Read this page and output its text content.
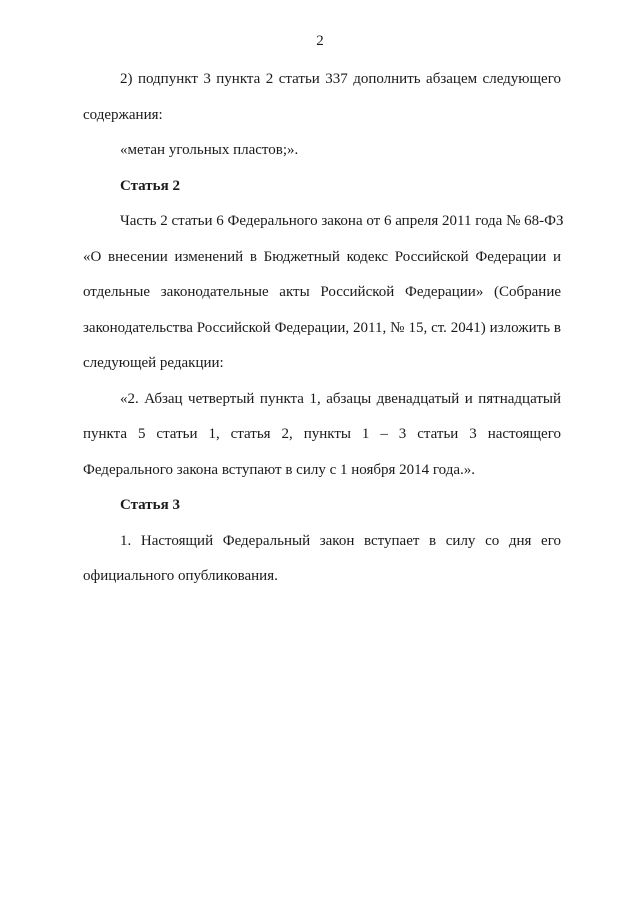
2
2) подпункт 3 пункта 2 статьи 337 дополнить абзацем следующего
содержания:
«метан угольных пластов;».
Статья 2
Часть 2 статьи 6 Федерального закона от 6 апреля 2011 года № 68-ФЗ
«О внесении изменений в Бюджетный кодекс Российской Федерации и
отдельные законодательные акты Российской Федерации» (Собрание
законодательства Российской Федерации, 2011, № 15, ст. 2041) изложить в
следующей редакции:
«2. Абзац четвертый пункта 1, абзацы двенадцатый и пятнадцатый
пункта 5 статьи 1, статья 2, пункты 1 – 3 статьи 3 настоящего
Федерального закона вступают в силу с 1 ноября 2014 года.».
Статья 3
1. Настоящий Федеральный закон вступает в силу со дня его
официального опубликования.
